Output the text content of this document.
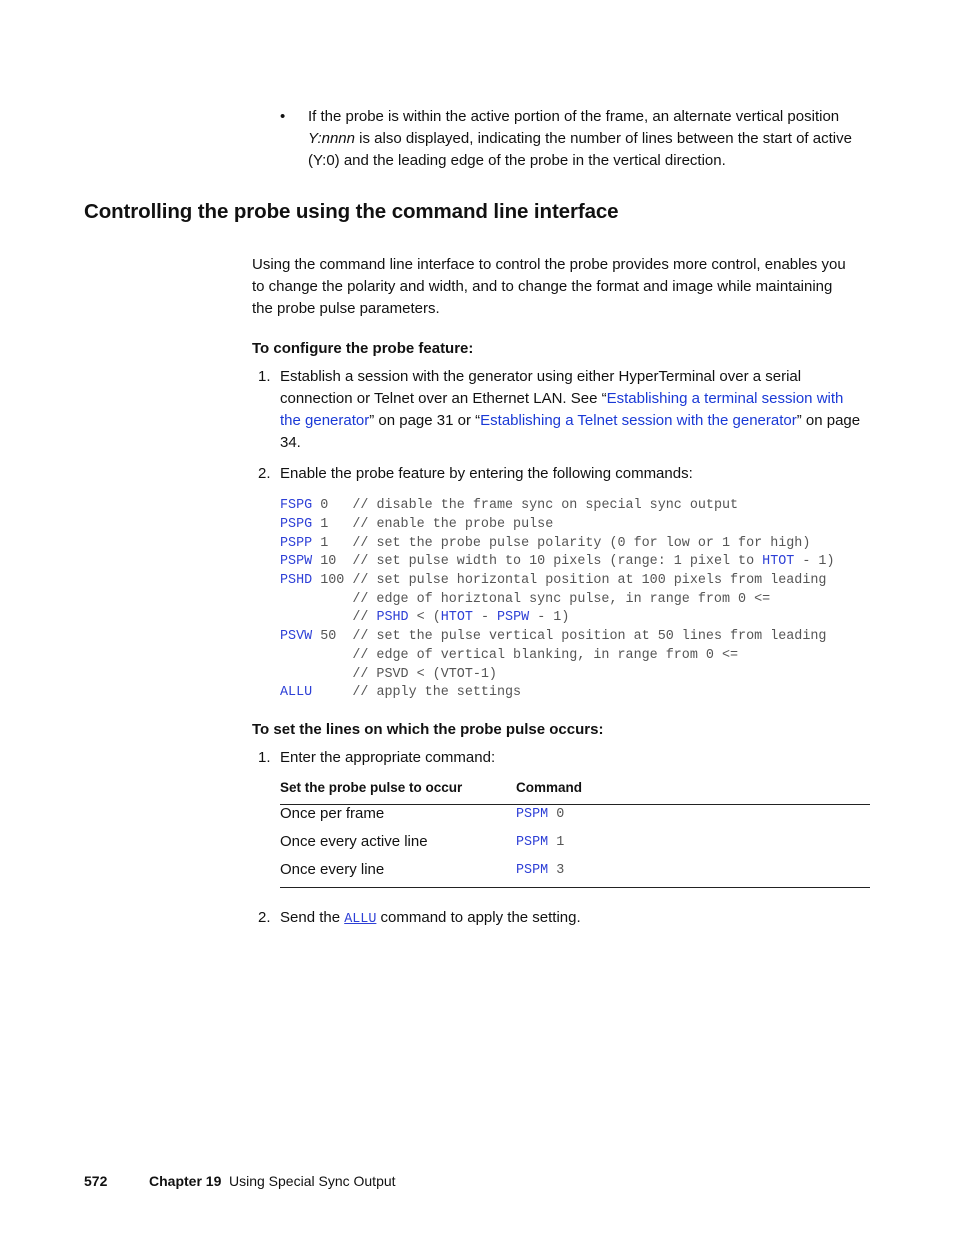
• If the probe is within the active portion of the frame, an alternate vertical position
Y:nnnn is also displayed, indicating the number of lines between the start of active
(Y:0) and the leading edge of the probe in the vertical direction.
Controlling the probe using the command line interface
Using the command line interface to control the probe provides more control, enables you
to change the polarity and width, and to change the format and image while maintaining
the probe pulse parameters.
To configure the probe feature:
1. Establish a session with the generator using either HyperTerminal over a serial
connection or Telnet over an Ethernet LAN. See “Establishing a terminal session with
the generator” on page 31 or “Establishing a Telnet session with the generator” on page
34.
2. Enable the probe feature by entering the following commands:
FSPG 0   // disable the frame sync on special sync output
PSPG 1   // enable the probe pulse
PSPP 1   // set the probe pulse polarity (0 for low or 1 for high)
PSPW 10  // set pulse width to 10 pixels (range: 1 pixel to HTOT - 1)
PSHD 100 // set pulse horizontal position at 100 pixels from leading
// edge of horiztonal sync pulse, in range from 0 <=
// PSHD < (HTOT - PSPW - 1)
PSVW 50  // set the pulse vertical position at 50 lines from leading
// edge of vertical blanking, in range from 0 <=
// PSVD < (VTOT-1)
ALLU	// apply the settings
To set the lines on which the probe pulse occurs:
1. Enter the appropriate command:
Set the probe pulse to occur	Command
Once per frame	PSPM 0
Once every active line	PSPM 1
Once every line	PSPM 3
2. Send the ALLU command to apply the setting.
572	Chapter 19 Using Special Sync Output
